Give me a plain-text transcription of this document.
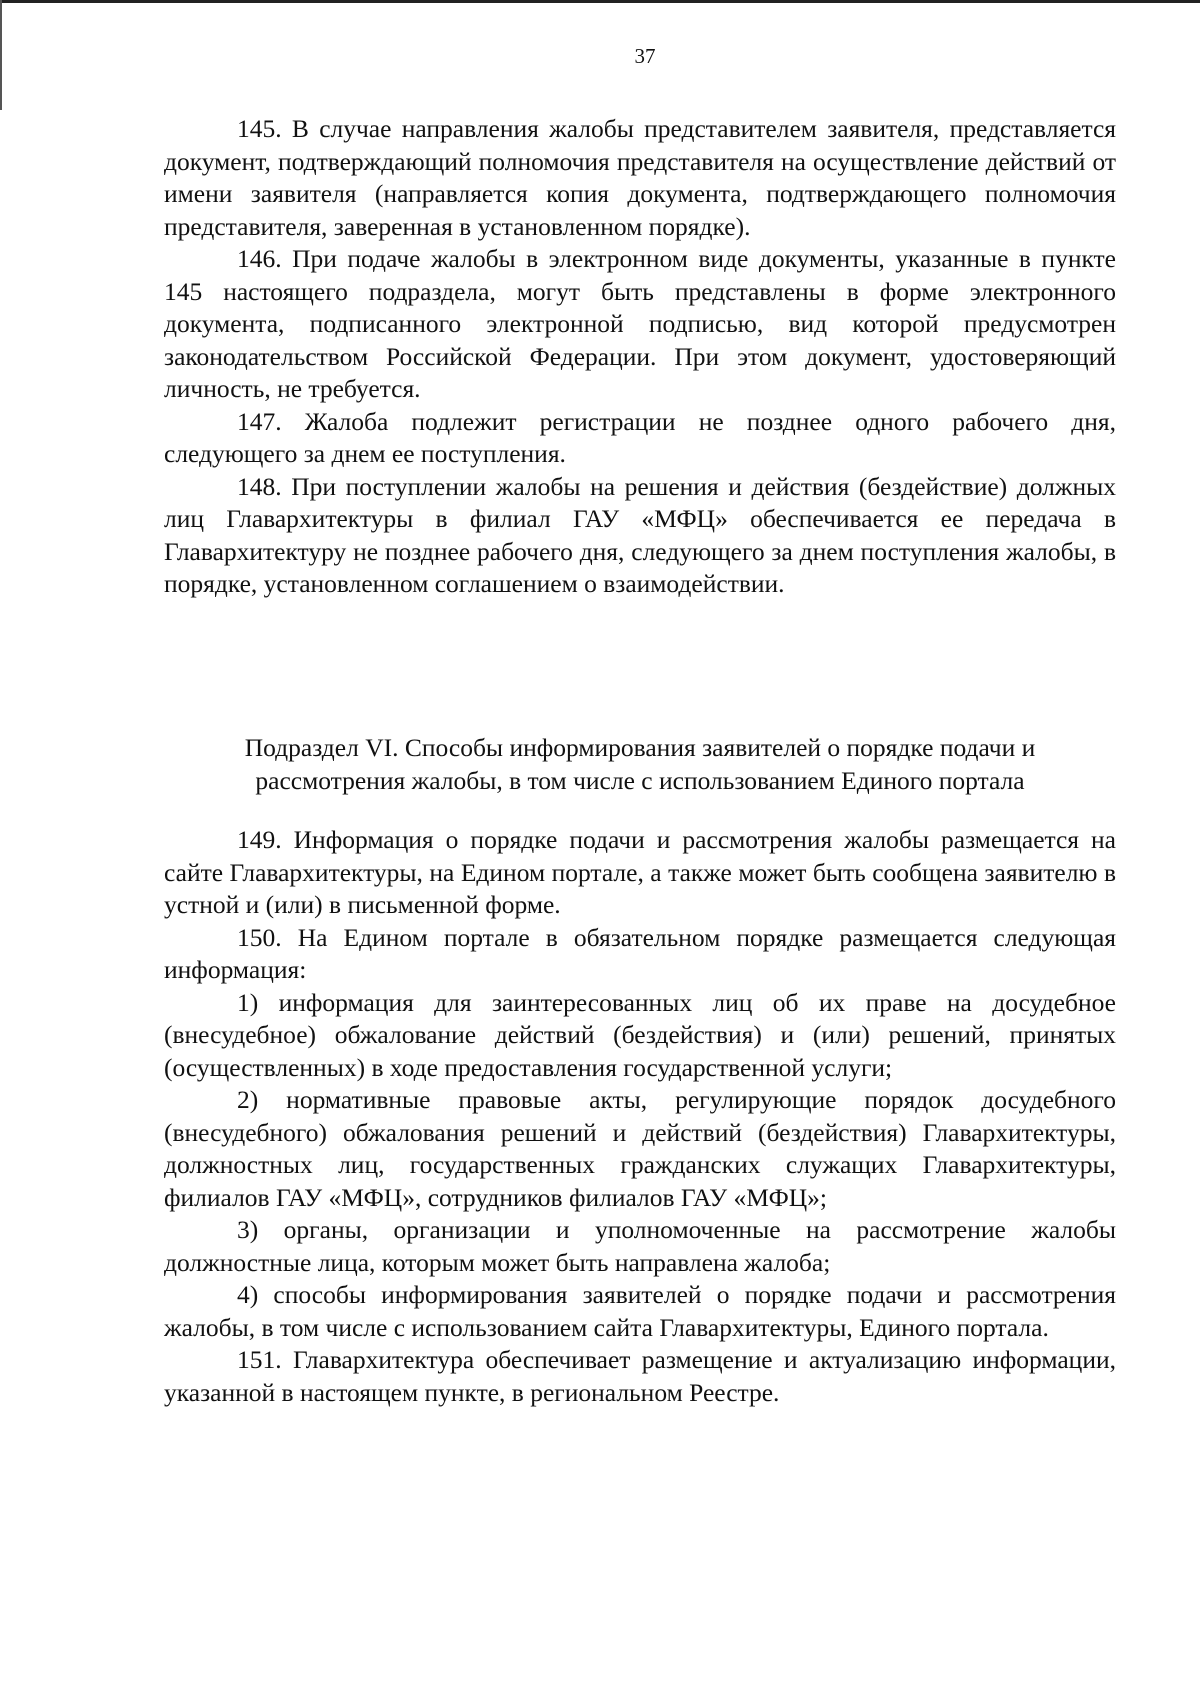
37

145. В случае направления жалобы представителем заявителя, представляется документ, подтверждающий полномочия представителя на осуществление действий от имени заявителя (направляется копия документа, подтверждающего полномочия представителя, заверенная в установленном порядке).

146. При подаче жалобы в электронном виде документы, указанные в пункте 145 настоящего подраздела, могут быть представлены в форме электронного документа, подписанного электронной подписью, вид которой предусмотрен законодательством Российской Федерации. При этом документ, удостоверяющий личность, не требуется.

147. Жалоба подлежит регистрации не позднее одного рабочего дня, следующего за днем ее поступления.

148. При поступлении жалобы на решения и действия (бездействие) должных лиц Главархитектуры в филиал ГАУ «МФЦ» обеспечивается ее передача в Главархитектуру не позднее рабочего дня, следующего за днем поступления жалобы, в порядке, установленном соглашением о взаимодействии.

Подраздел VI. Способы информирования заявителей о порядке подачи и
рассмотрения жалобы, в том числе с использованием Единого портала

149. Информация о порядке подачи и рассмотрения жалобы размещается на сайте Главархитектуры, на Едином портале, а также может быть сообщена заявителю в устной и (или) в письменной форме.

150. На Едином портале в обязательном порядке размещается следующая информация:

1) информация для заинтересованных лиц об их праве на досудебное (внесудебное) обжалование действий (бездействия) и (или) решений, принятых (осуществленных) в ходе предоставления государственной услуги;

2) нормативные правовые акты, регулирующие порядок досудебного (внесудебного) обжалования решений и действий (бездействия) Главархитектуры, должностных лиц, государственных гражданских служащих Главархитектуры, филиалов ГАУ «МФЦ», сотрудников филиалов ГАУ «МФЦ»;

3) органы, организации и уполномоченные на рассмотрение жалобы должностные лица, которым может быть направлена жалоба;

4) способы информирования заявителей о порядке подачи и рассмотрения жалобы, в том числе с использованием сайта Главархитектуры, Единого портала.

151. Главархитектура обеспечивает размещение и актуализацию информации, указанной в настоящем пункте, в региональном Реестре.
